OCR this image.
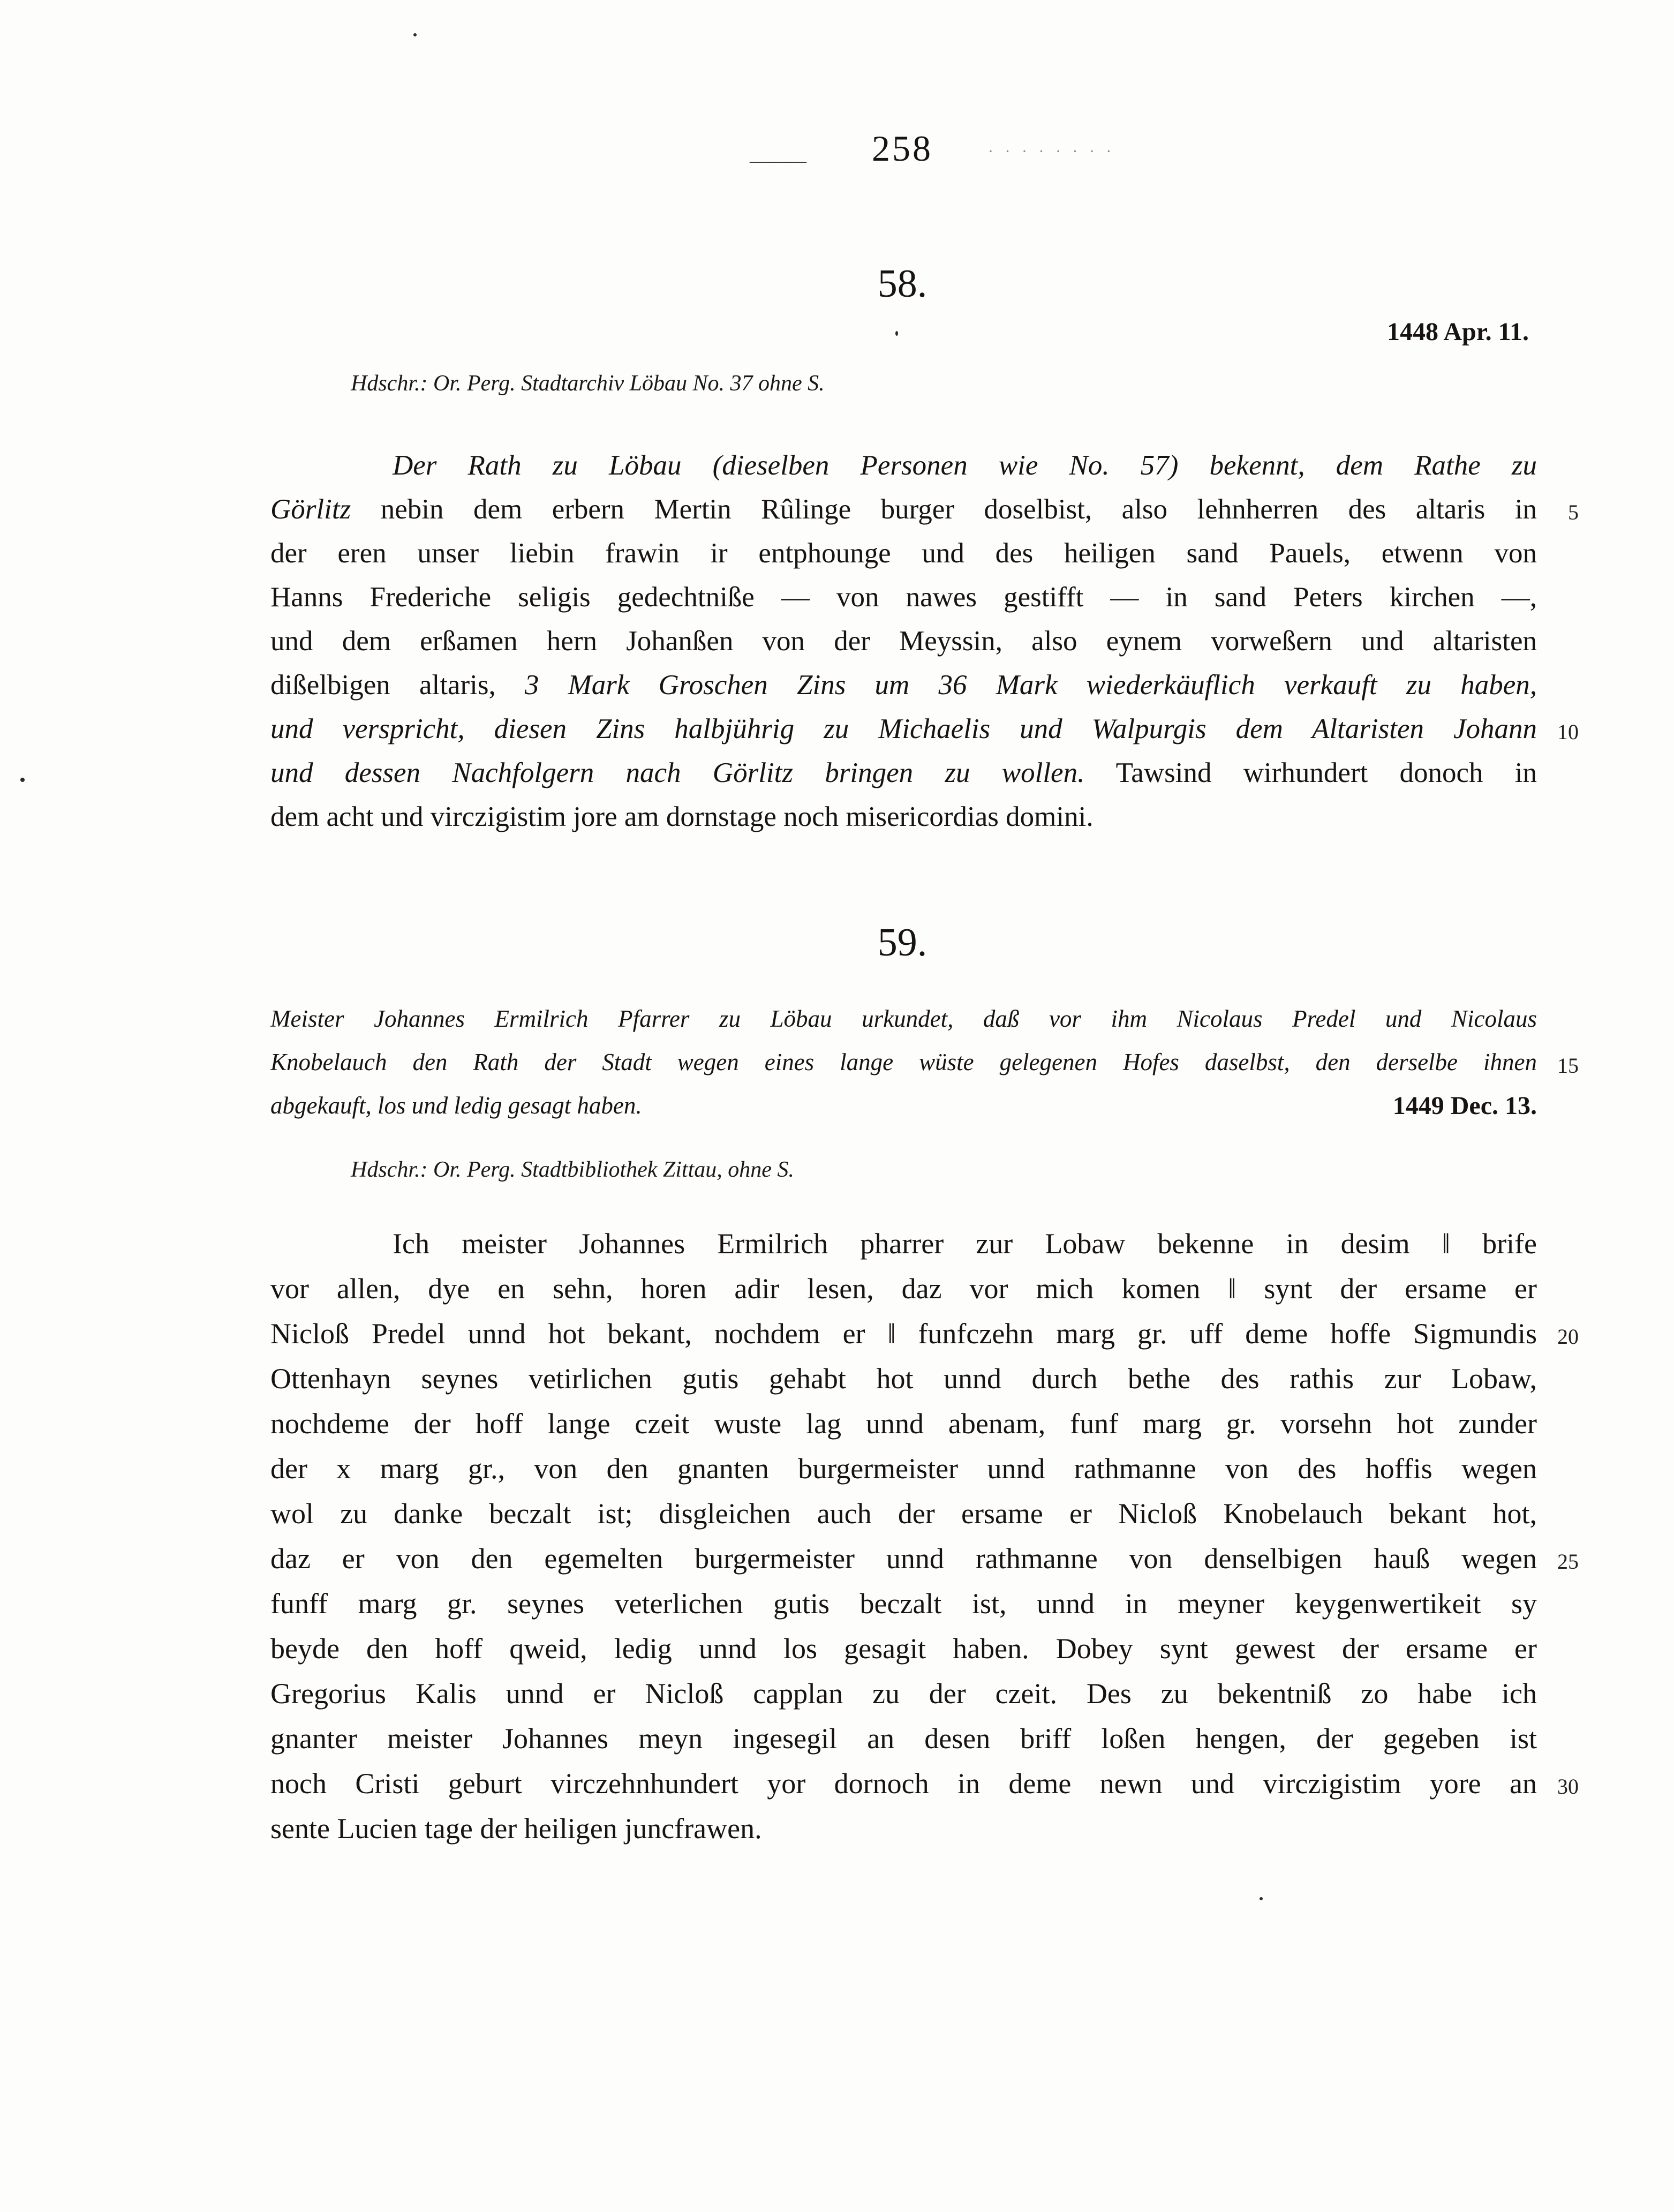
——— 258	· · · · · · · ·
58.
1448 Apr. 11.
Hdschr.: Or. Perg. Stadtarchiv Löbau No. 37 ohne S.
Der Rath zu Löbau (dieselben Personen wie No. 57) bekennt, dem Rathe zu
Görlitz nebin dem erbern Mertin Rûlinge burger doselbist, also lehnherren des altaris in 5
der eren unser liebin frawin ir entphounge und des heiligen sand Pauels, etwenn von
Hanns Frederiche seligis gedechtniße — von nawes gestifft — in sand Peters kirchen —,
und dem erßamen hern Johanßen von der Meyssin, also eynem vorweßern und altaristen
dißelbigen altaris, 3 Mark Groschen Zins um 36 Mark wiederkäuflich verkauft zu haben,
und verspricht, diesen Zins halbjührig zu Michaelis und Walpurgis dem Altaristen Johann 10
und dessen Nachfolgern nach Görlitz bringen zu wollen. Tawsind wirhundert donoch in
dem acht und virczigistim jore am dornstage noch misericordias domini.
59.
Meister Johannes Ermilrich Pfarrer zu Löbau urkundet, daß vor ihm Nicolaus Predel und Nicolaus
Knobelauch den Rath der Stadt wegen eines lange wüste gelegenen Hofes daselbst, den derselbe ihnen 15
abgekauft, los und ledig gesagt haben.	1449 Dec. 13.
Hdschr.: Or. Perg. Stadtbibliothek Zittau, ohne S.
Ich meister Johannes Ermilrich pharrer zur Lobaw bekenne in desim ‖ brife
vor allen, dye en sehn, horen adir lesen, daz vor mich komen ‖ synt der ersame er
Nicloß Predel unnd hot bekant, nochdem er ‖ funfczehn marg gr. uff deme hoffe Sigmundis 20
Ottenhayn seynes vetirlichen gutis gehabt hot unnd durch bethe des rathis zur Lobaw,
nochdeme der hoff lange czeit wuste lag unnd abenam, funf marg gr. vorsehn hot zunder
der x marg gr., von den gnanten burgermeister unnd rathmanne von des hoffis wegen
wol zu danke beczalt ist; disgleichen auch der ersame er Nicloß Knobelauch bekant hot,
daz er von den egemelten burgermeister unnd rathmanne von denselbigen hauß wegen 25
funff marg gr. seynes veterlichen gutis beczalt ist, unnd in meyner keygenwertikeit sy
beyde den hoff qweid, ledig unnd los gesagit haben. Dobey synt gewest der ersame er
Gregorius Kalis unnd er Nicloß capplan zu der czeit. Des zu bekentniß zo habe ich
gnanter meister Johannes meyn ingesegil an desen briff loßen hengen, der gegeben ist
noch Cristi geburt virczehnhundert yor dornoch in deme newn und virczigistim yore an 30
sente Lucien tage der heiligen juncfrawen.
